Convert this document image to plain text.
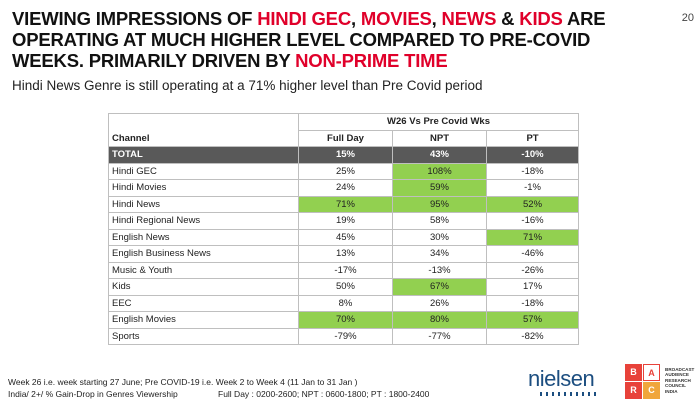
VIEWING IMPRESSIONS OF HINDI GEC, MOVIES, NEWS & KIDS ARE OPERATING AT MUCH HIGHER LEVEL COMPARED TO PRE-COVID WEEKS. PRIMARILY DRIVEN BY NON-PRIME TIME
20
Hindi News Genre is still operating at a 71% higher level than Pre Covid period
Channel	W26 Vs Pre Covid Wks		
	Full Day	NPT	PT
TOTAL	15%	43%	-10%
Hindi GEC	25%	108%	-18%
Hindi Movies	24%	59%	-1%
Hindi News	71%	95%	52%
Hindi Regional News	19%	58%	-16%
English News	45%	30%	71%
English Business News	13%	34%	-46%
Music & Youth	-17%	-13%	-26%
Kids	50%	67%	17%
EEC	8%	26%	-18%
English Movies	70%	80%	57%
Sports	-79%	-77%	-82%
Week 26 i.e. week starting 27 June; Pre COVID-19 i.e. Week 2 to Week 4 (11 Jan to 31 Jan )
India/ 2+/ % Gain-Drop in Genres Viewership	Full Day : 0200-2600; NPT : 0600-1800; PT : 1800-2400
nielsen	B	A
R	C
BROADCAST AUDIENCE RESEARCH COUNCIL INDIA
